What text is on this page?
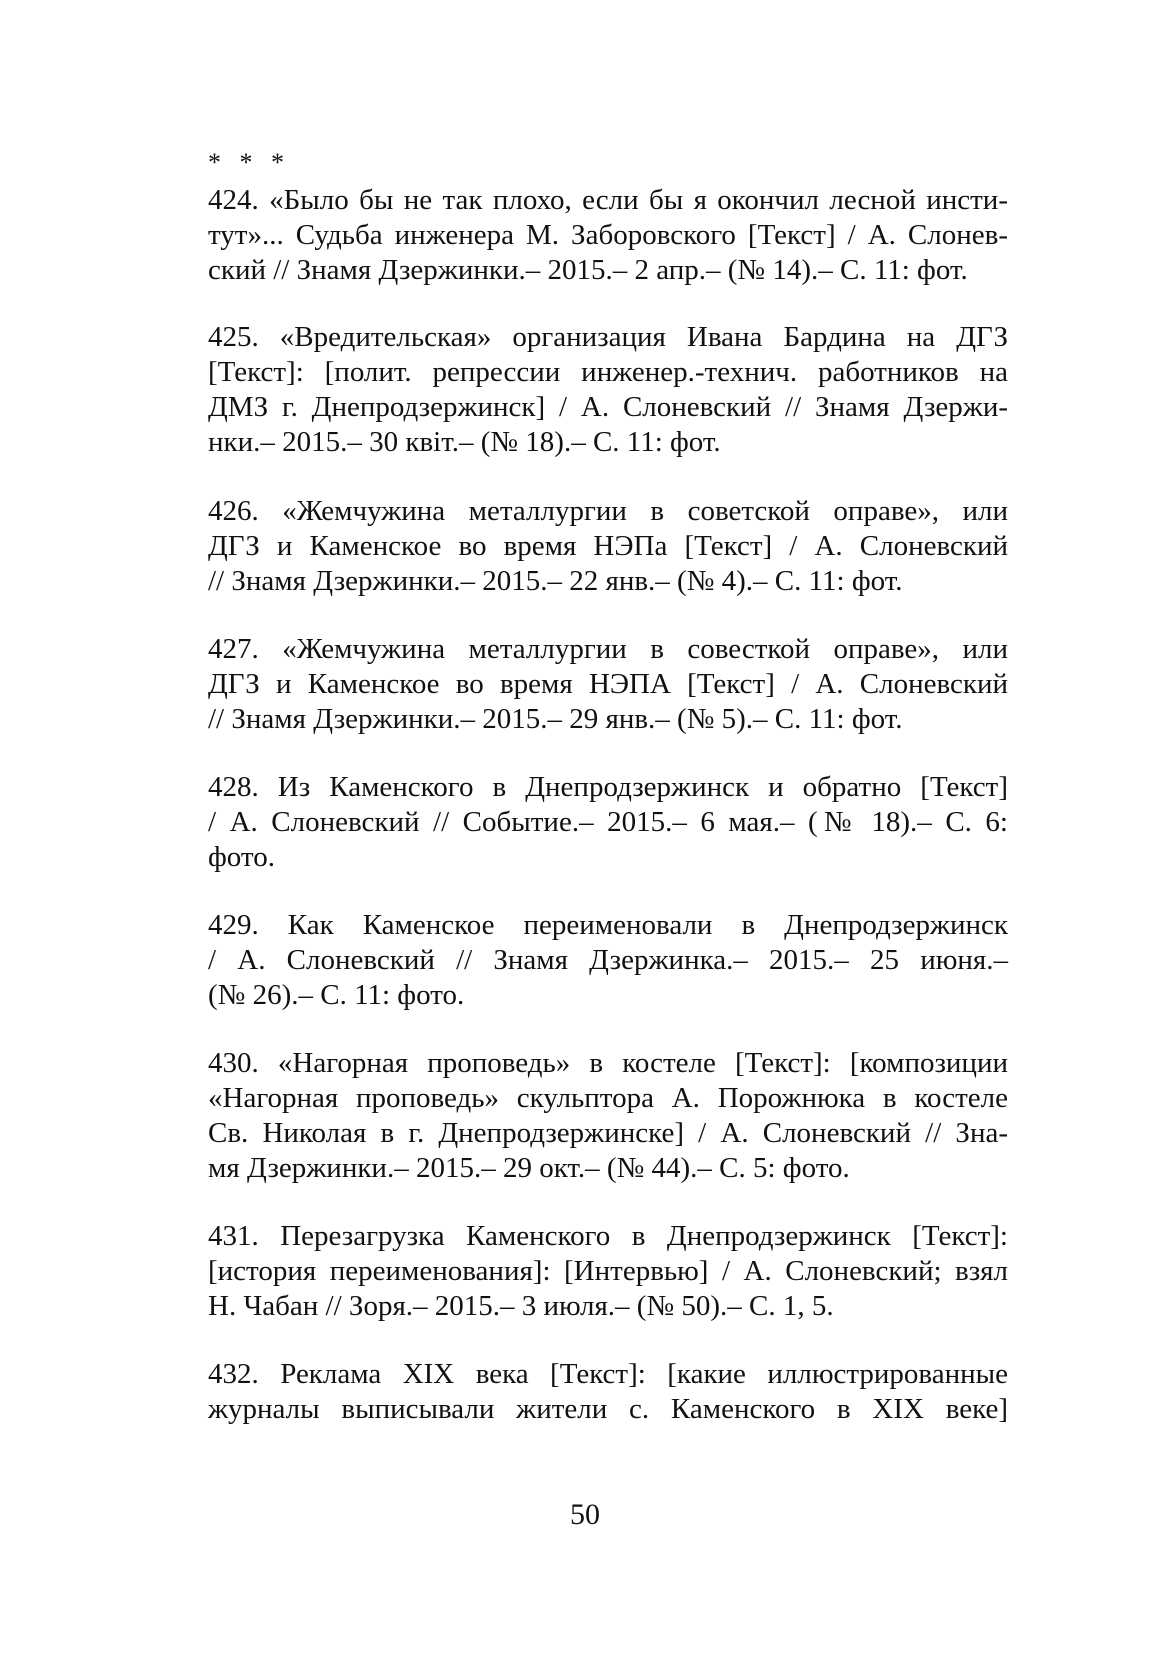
* * *
424. «Было бы не так плохо, если бы я окончил лесной инсти-
тут»... Судьба инженера М. Заборовского [Текст] / А. Слонев-
ский // Знамя Дзержинки.– 2015.– 2 апр.– (№ 14).– С. 11: фот.
425. «Вредительская» организация Ивана Бардина на ДГЗ
[Текст]: [полит. репрессии инженер.-технич. работников на
ДМЗ г. Днепродзержинск] / А. Слоневский // Знамя Дзержи-
нки.– 2015.– 30 квіт.– (№ 18).– С. 11: фот.
426. «Жемчужина металлургии в советской оправе», или
ДГЗ и Каменское во время НЭПа [Текст] / А. Слоневский
// Знамя Дзержинки.– 2015.– 22 янв.– (№ 4).– С. 11: фот.
427. «Жемчужина металлургии в совесткой оправе», или
ДГЗ и Каменское во время НЭПА [Текст] / А. Слоневский
// Знамя Дзержинки.– 2015.– 29 янв.– (№ 5).– С. 11: фот.
428. Из Каменского в Днепродзержинск и обратно [Текст]
/ А. Слоневский // Событие.– 2015.– 6 мая.– (№ 18).– С. 6:
фото.
429. Как Каменское переименовали в Днепродзержинск
/ А. Слоневский // Знамя Дзержинка.– 2015.– 25 июня.–
(№ 26).– С. 11: фото.
430. «Нагорная проповедь» в костеле [Текст]: [композиции
«Нагорная проповедь» скульптора А. Порожнюка в костеле
Св. Николая в г. Днепродзержинске] / А. Слоневский // Зна-
мя Дзержинки.– 2015.– 29 окт.– (№ 44).– С. 5: фото.
431. Перезагрузка Каменского в Днепродзержинск [Текст]:
[история переименования]: [Интервью] / А. Слоневский; взял
Н. Чабан // Зоря.– 2015.– 3 июля.– (№ 50).– С. 1, 5.
432. Реклама XIX века [Текст]: [какие иллюстрированные
журналы выписывали жители с. Каменского в XIX веке]
50
